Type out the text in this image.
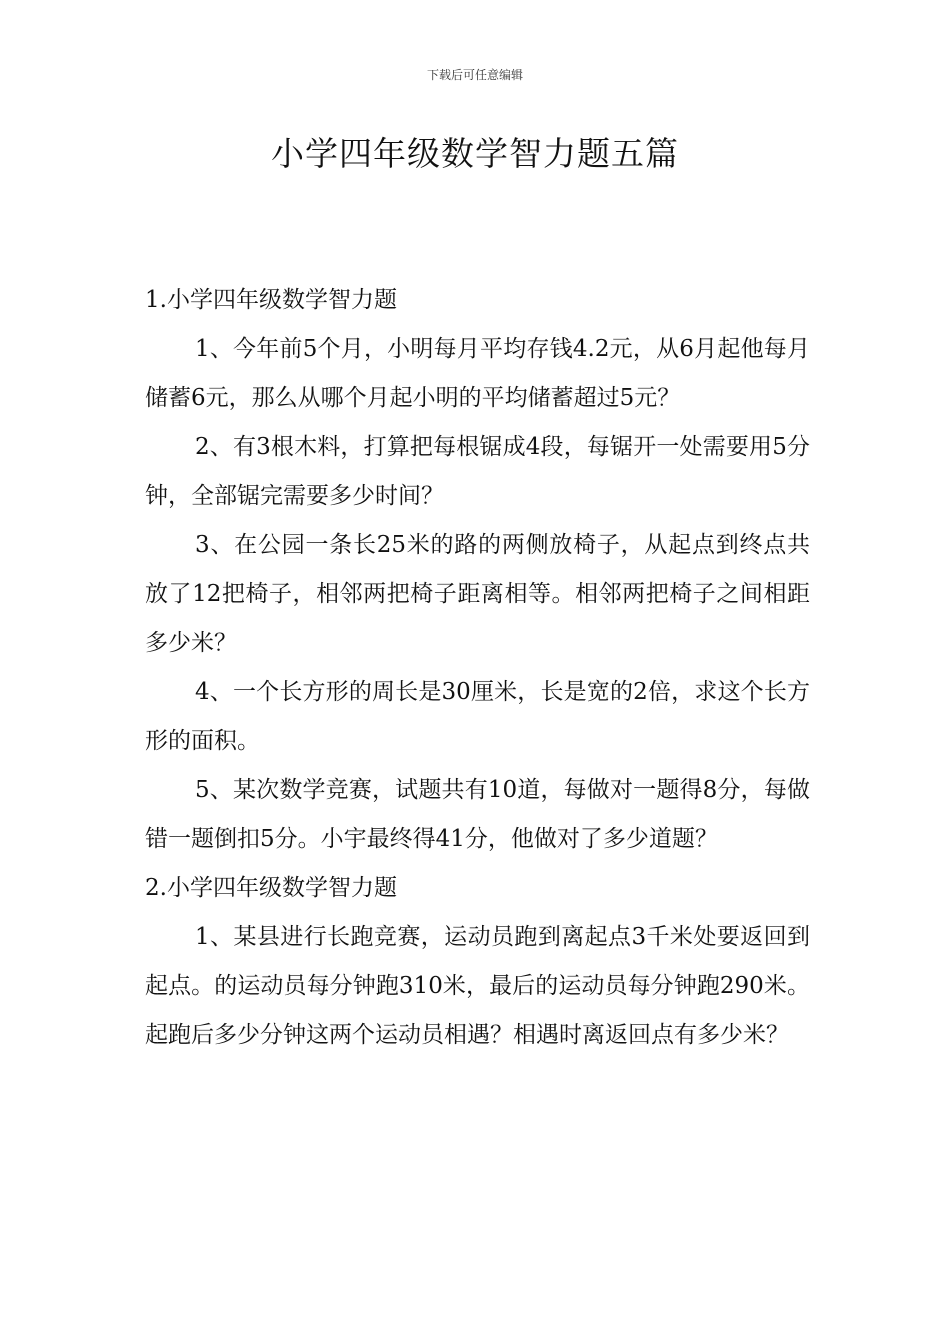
下载后可任意编辑
小学四年级数学智力题五篇

1.小学四年级数学智力题

1、今年前5个月，小明每月平均存钱4.2元，从6月起他每月储蓄6元，那么从哪个月起小明的平均储蓄超过5元？

2、有3根木料，打算把每根锯成4段，每锯开一处需要用5分钟，全部锯完需要多少时间？

3、在公园一条长25米的路的两侧放椅子，从起点到终点共放了12把椅子，相邻两把椅子距离相等。相邻两把椅子之间相距多少米？

4、一个长方形的周长是30厘米，长是宽的2倍，求这个长方形的面积。

5、某次数学竞赛，试题共有10道，每做对一题得8分，每做错一题倒扣5分。小宇最终得41分，他做对了多少道题？

2.小学四年级数学智力题

1、某县进行长跑竞赛，运动员跑到离起点3千米处要返回到起点。的运动员每分钟跑310米，最后的运动员每分钟跑290米。起跑后多少分钟这两个运动员相遇？相遇时离返回点有多少米？
